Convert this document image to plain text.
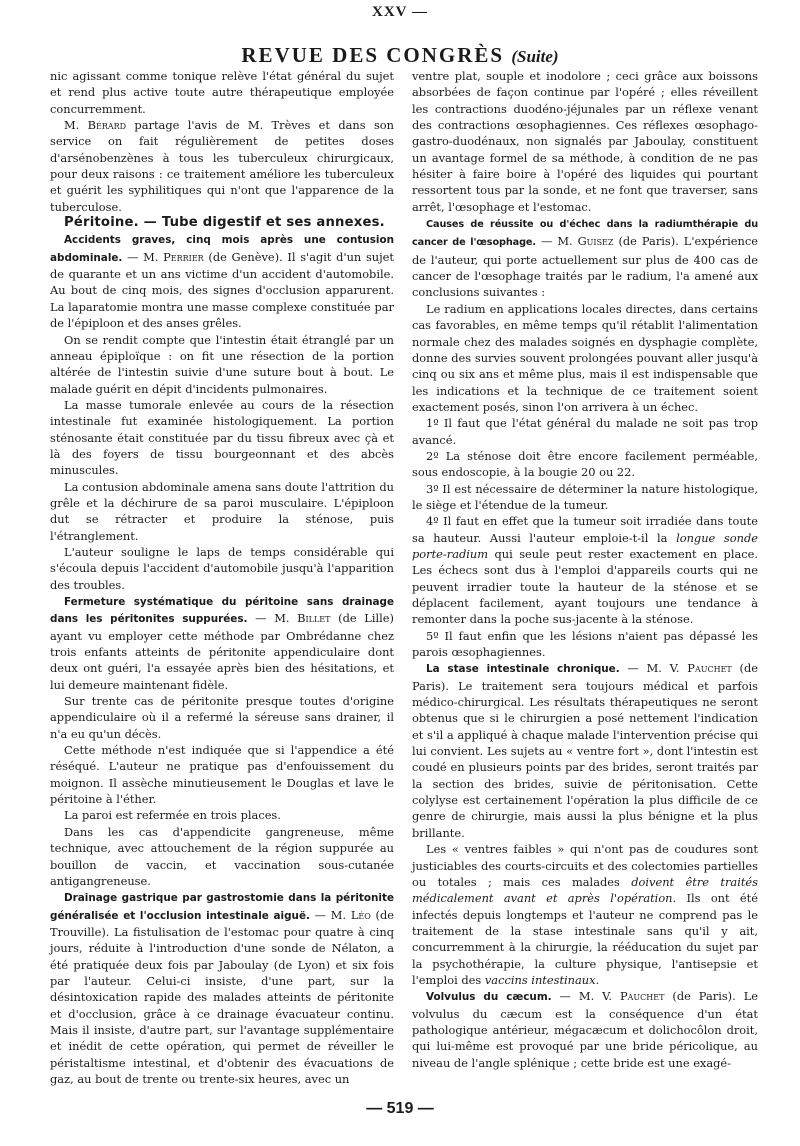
XXV —
REVUE DES CONGRÈS (Suite)

nic agissant comme tonique relève l'état général du sujet et rend plus active toute autre thérapeutique employée concurremment.

M. Bérard partage l'avis de M. Trèves et dans son service on fait régulièrement de petites doses d'arsénobenzènes à tous les tuberculeux chirurgicaux, pour deux raisons : ce traitement améliore les tuberculeux et guérit les syphilitiques qui n'ont que l'apparence de la tuberculose.

Péritoine. — Tube digestif et ses annexes.

Accidents graves, cinq mois après une contusion abdominale. — M. Perrier (de Genève). Il s'agit d'un sujet de quarante et un ans victime d'un accident d'automobile. Au bout de cinq mois, des signes d'occlusion apparurent. La laparatomie montra une masse complexe constituée par de l'épiploon et des anses grêles.

On se rendit compte que l'intestin était étranglé par un anneau épiploïque : on fit une résection de la portion altérée de l'intestin suivie d'une suture bout à bout. Le malade guérit en dépit d'incidents pulmonaires.

La masse tumorale enlevée au cours de la résection intestinale fut examinée histologiquement. La portion sténosante était constituée par du tissu fibreux avec çà et là des foyers de tissu bourgeonnant et des abcès minuscules.

La contusion abdominale amena sans doute l'attrition du grêle et la déchirure de sa paroi musculaire. L'épiploon dut se rétracter et produire la sténose, puis l'étranglement.

L'auteur souligne le laps de temps considérable qui s'écoula depuis l'accident d'automobile jusqu'à l'apparition des troubles.

Fermeture systématique du péritoine sans drainage dans les péritonites suppurées. — M. Billet (de Lille) ayant vu employer cette méthode par Ombrédanne chez trois enfants atteints de péritonite appendiculaire dont deux ont guéri, l'a essayée après bien des hésitations, et lui demeure maintenant fidèle.

Sur trente cas de péritonite presque toutes d'origine appendiculaire où il a refermé la séreuse sans drainer, il n'a eu qu'un décès.

Cette méthode n'est indiquée que si l'appendice a été réséqué. L'auteur ne pratique pas d'enfouissement du moignon. Il assèche minutieusement le Douglas et lave le péritoine à l'éther.

La paroi est refermée en trois places.

Dans les cas d'appendicite gangreneuse, même technique, avec attouchement de la région suppurée au bouillon de vaccin, et vaccination sous-cutanée antigangreneuse.

Drainage gastrique par gastrostomie dans la péritonite généralisée et l'occlusion intestinale aiguë. — M. Léo (de Trouville). La fistulisation de l'estomac pour quatre à cinq jours, réduite à l'introduction d'une sonde de Nélaton, a été pratiquée deux fois par Jaboulay (de Lyon) et six fois par l'auteur. Celui-ci insiste, d'une part, sur la désintoxication rapide des malades atteints de péritonite et d'occlusion, grâce à ce drainage évacuateur continu. Mais il insiste, d'autre part, sur l'avantage supplémentaire et inédit de cette opération, qui permet de réveiller le péristaltisme intestinal, et d'obtenir des évacuations de gaz, au bout de trente ou trente-six heures, avec un

ventre plat, souple et inodolore ; ceci grâce aux boissons absorbées de façon continue par l'opéré ; elles réveillent les contractions duodéno-jéjunales par un réflexe venant des contractions œsophagiennes. Ces réflexes œsophago-gastro-duodénaux, non signalés par Jaboulay, constituent un avantage formel de sa méthode, à condition de ne pas hésiter à faire boire à l'opéré des liquides qui pourtant ressortent tous par la sonde, et ne font que traverser, sans arrêt, l'œsophage et l'estomac.

Causes de réussite ou d'échec dans la radiumthérapie du cancer de l'œsophage. — M. Guisez (de Paris). L'expérience de l'auteur, qui porte actuellement sur plus de 400 cas de cancer de l'œsophage traités par le radium, l'a amené aux conclusions suivantes :

Le radium en applications locales directes, dans certains cas favorables, en même temps qu'il rétablit l'alimentation normale chez des malades soignés en dysphagie complète, donne des survies souvent prolongées pouvant aller jusqu'à cinq ou six ans et même plus, mais il est indispensable que les indications et la technique de ce traitement soient exactement posés, sinon l'on arrivera à un échec.

1º Il faut que l'état général du malade ne soit pas trop avancé.

2º La sténose doit être encore facilement perméable, sous endoscopie, à la bougie 20 ou 22.

3º Il est nécessaire de déterminer la nature histologique, le siège et l'étendue de la tumeur.

4º Il faut en effet que la tumeur soit irradiée dans toute sa hauteur. Aussi l'auteur emploie-t-il la longue sonde porte-radium qui seule peut rester exactement en place. Les échecs sont dus à l'emploi d'appareils courts qui ne peuvent irradier toute la hauteur de la sténose et se déplacent facilement, ayant toujours une tendance à remonter dans la poche sus-jacente à la sténose.

5º Il faut enfin que les lésions n'aient pas dépassé les parois œsophagiennes.

La stase intestinale chronique. — M. V. Pauchet (de Paris). Le traitement sera toujours médical et parfois médico-chirurgical. Les résultats thérapeutiques ne seront obtenus que si le chirurgien a posé nettement l'indication et s'il a appliqué à chaque malade l'intervention précise qui lui convient. Les sujets au « ventre fort », dont l'intestin est coudé en plusieurs points par des brides, seront traités par la section des brides, suivie de péritonisation. Cette colylyse est certainement l'opération la plus difficile de ce genre de chirurgie, mais aussi la plus bénigne et la plus brillante.

Les « ventres faibles » qui n'ont pas de coudures sont justiciables des courts-circuits et des colectomies partielles ou totales ; mais ces malades doivent être traités médicalement avant et après l'opération. Ils ont été infectés depuis longtemps et l'auteur ne comprend pas le traitement de la stase intestinale sans qu'il y ait, concurremment à la chirurgie, la rééducation du sujet par la psychothérapie, la culture physique, l'antisepsie et l'emploi des vaccins intestinaux.

Volvulus du cæcum. — M. V. Pauchet (de Paris). Le volvulus du cæcum est la conséquence d'un état pathologique antérieur, mégacæcum et dolichocôlon droit, qui lui-même est provoqué par une bride péricolique, au niveau de l'angle splénique ; cette bride est une exagé-

— 519 —
